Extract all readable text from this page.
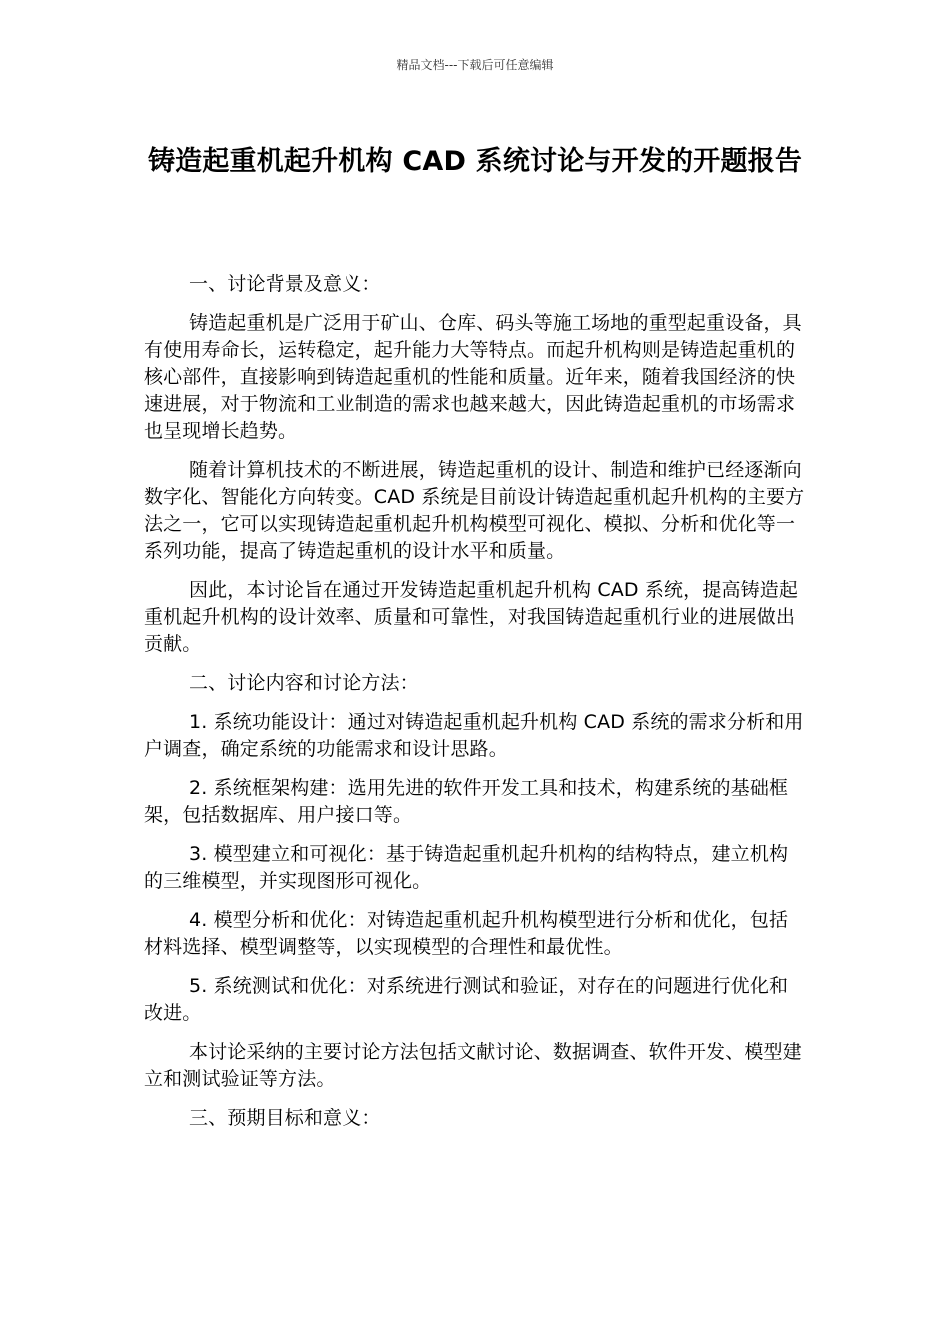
精品文档---下载后可任意编辑
铸造起重机起升机构 CAD 系统讨论与开发的开题报告

一、讨论背景及意义：

铸造起重机是广泛用于矿山、仓库、码头等施工场地的重型起重设备，具有使用寿命长，运转稳定，起升能力大等特点。而起升机构则是铸造起重机的核心部件，直接影响到铸造起重机的性能和质量。近年来，随着我国经济的快速进展，对于物流和工业制造的需求也越来越大，因此铸造起重机的市场需求也呈现增长趋势。

随着计算机技术的不断进展，铸造起重机的设计、制造和维护已经逐渐向数字化、智能化方向转变。CAD 系统是目前设计铸造起重机起升机构的主要方法之一，它可以实现铸造起重机起升机构模型可视化、模拟、分析和优化等一系列功能，提高了铸造起重机的设计水平和质量。

因此，本讨论旨在通过开发铸造起重机起升机构 CAD 系统，提高铸造起重机起升机构的设计效率、质量和可靠性，对我国铸造起重机行业的进展做出贡献。

二、讨论内容和讨论方法：

1. 系统功能设计：通过对铸造起重机起升机构 CAD 系统的需求分析和用户调查，确定系统的功能需求和设计思路。

2. 系统框架构建：选用先进的软件开发工具和技术，构建系统的基础框架，包括数据库、用户接口等。

3. 模型建立和可视化：基于铸造起重机起升机构的结构特点，建立机构的三维模型，并实现图形可视化。

4. 模型分析和优化：对铸造起重机起升机构模型进行分析和优化，包括材料选择、模型调整等，以实现模型的合理性和最优性。

5. 系统测试和优化：对系统进行测试和验证，对存在的问题进行优化和改进。

本讨论采纳的主要讨论方法包括文献讨论、数据调查、软件开发、模型建立和测试验证等方法。

三、预期目标和意义：
